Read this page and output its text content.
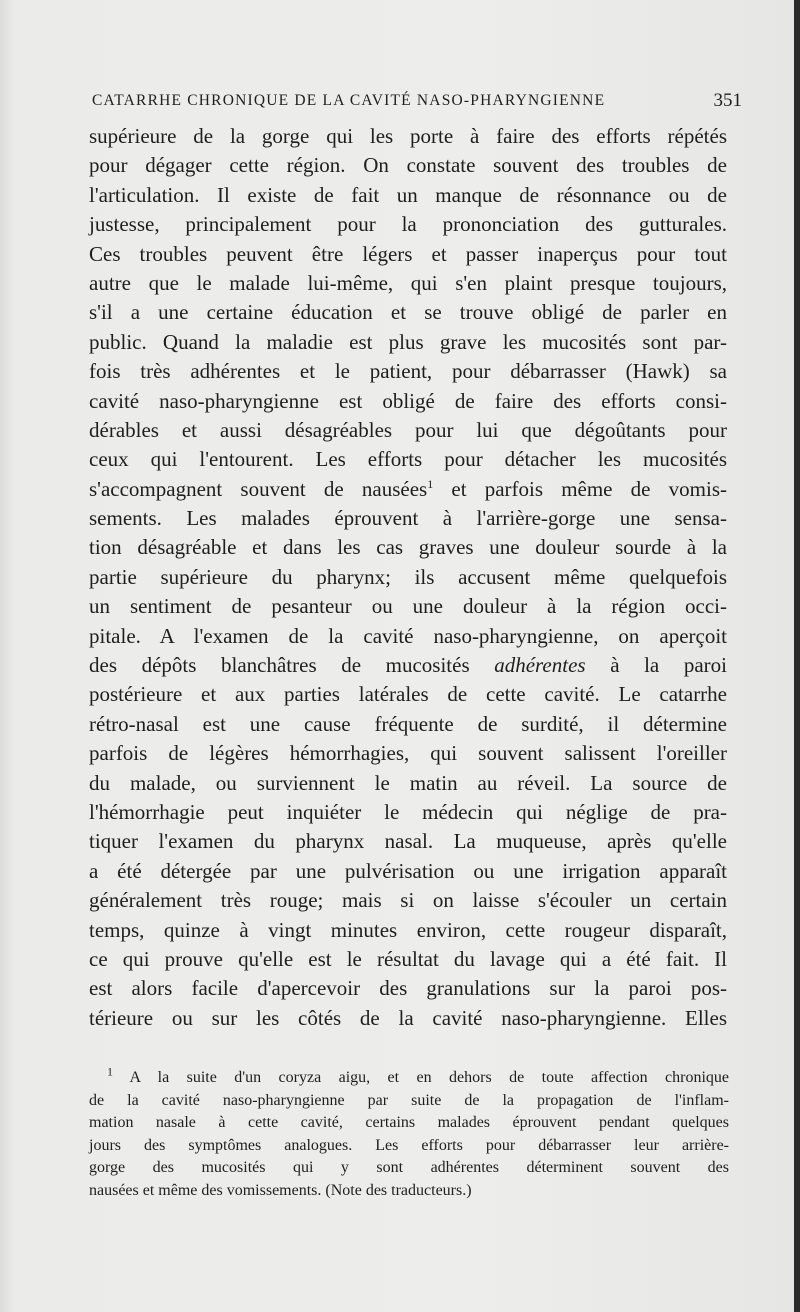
CATARRHE CHRONIQUE DE LA CAVITÉ NASO-PHARYNGIENNE	351
supérieure de la gorge qui les porte à faire des efforts répétés
pour dégager cette région. On constate souvent des troubles de
l'articulation. Il existe de fait un manque de résonnance ou de
justesse, principalement pour la prononciation des gutturales.
Ces troubles peuvent être légers et passer inaperçus pour tout
autre que le malade lui-même, qui s'en plaint presque toujours,
s'il a une certaine éducation et se trouve obligé de parler en
public. Quand la maladie est plus grave les mucosités sont par-
fois très adhérentes et le patient, pour débarrasser (Hawk) sa
cavité naso-pharyngienne est obligé de faire des efforts consi-
dérables et aussi désagréables pour lui que dégoûtants pour
ceux qui l'entourent. Les efforts pour détacher les mucosités
s'accompagnent souvent de nausées$^1$ et parfois même de vomis-
sements. Les malades éprouvent à l'arrière-gorge une sensa-
tion désagréable et dans les cas graves une douleur sourde à la
partie supérieure du pharynx; ils accusent même quelquefois
un sentiment de pesanteur ou une douleur à la région occi-
pitale. A l'examen de la cavité naso-pharyngienne, on aperçoit
des dépôts blanchâtres de mucosités adhérentes à la paroi
postérieure et aux parties latérales de cette cavité. Le catarrhe
rétro-nasal est une cause fréquente de surdité, il détermine
parfois de légères hémorrhagies, qui souvent salissent l'oreiller
du malade, ou surviennent le matin au réveil. La source de
l'hémorrhagie peut inquiéter le médecin qui néglige de pra-
tiquer l'examen du pharynx nasal. La muqueuse, après qu'elle
a été détergée par une pulvérisation ou une irrigation apparaît
généralement très rouge; mais si on laisse s'écouler un certain
temps, quinze à vingt minutes environ, cette rougeur disparaît,
ce qui prouve qu'elle est le résultat du lavage qui a été fait. Il
est alors facile d'apercevoir des granulations sur la paroi pos-
térieure ou sur les côtés de la cavité naso-pharyngienne. Elles
$^1$ A la suite d'un coryza aigu, et en dehors de toute affection chronique
de la cavité naso-pharyngienne par suite de la propagation de l'inflam-
mation nasale à cette cavité, certains malades éprouvent pendant quelques
jours des symptômes analogues. Les efforts pour débarrasser leur arrière-
gorge des mucosités qui y sont adhérentes déterminent souvent des
nausées et même des vomissements. (Note des traducteurs.)
